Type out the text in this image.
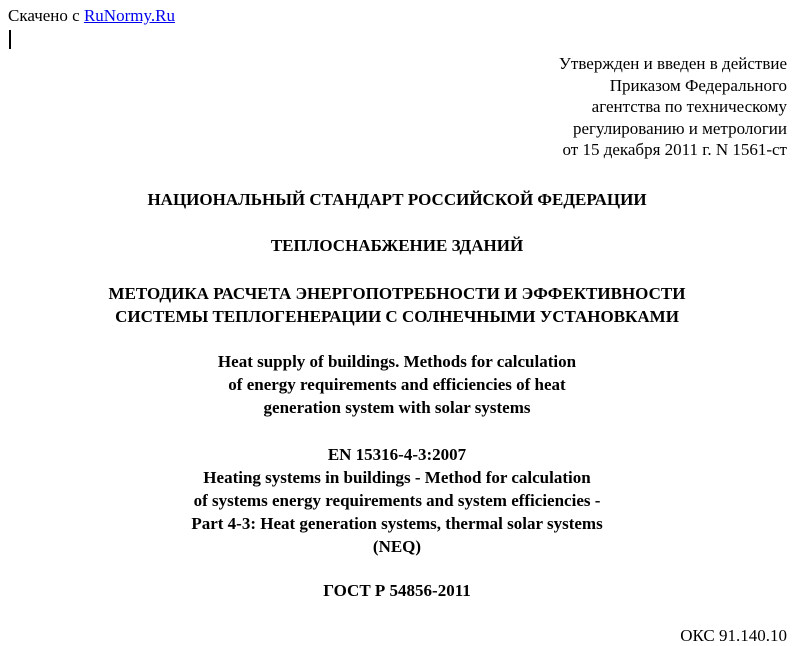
Скачено с RuNormy.Ru
Утвержден и введен в действие
Приказом Федерального
агентства по техническому
регулированию и метрологии
от 15 декабря 2011 г. N 1561-ст
НАЦИОНАЛЬНЫЙ СТАНДАРТ РОССИЙСКОЙ ФЕДЕРАЦИИ
ТЕПЛОСНАБЖЕНИЕ ЗДАНИЙ
МЕТОДИКА РАСЧЕТА ЭНЕРГОПОТРЕБНОСТИ И ЭФФЕКТИВНОСТИ
СИСТЕМЫ ТЕПЛОГЕНЕРАЦИИ С СОЛНЕЧНЫМИ УСТАНОВКАМИ
Heat supply of buildings. Methods for calculation
of energy requirements and efficiencies of heat
generation system with solar systems
EN 15316-4-3:2007
Heating systems in buildings - Method for calculation
of systems energy requirements and system efficiencies -
Part 4-3: Heat generation systems, thermal solar systems
(NEQ)
ГОСТ Р 54856-2011
ОКС 91.140.10
